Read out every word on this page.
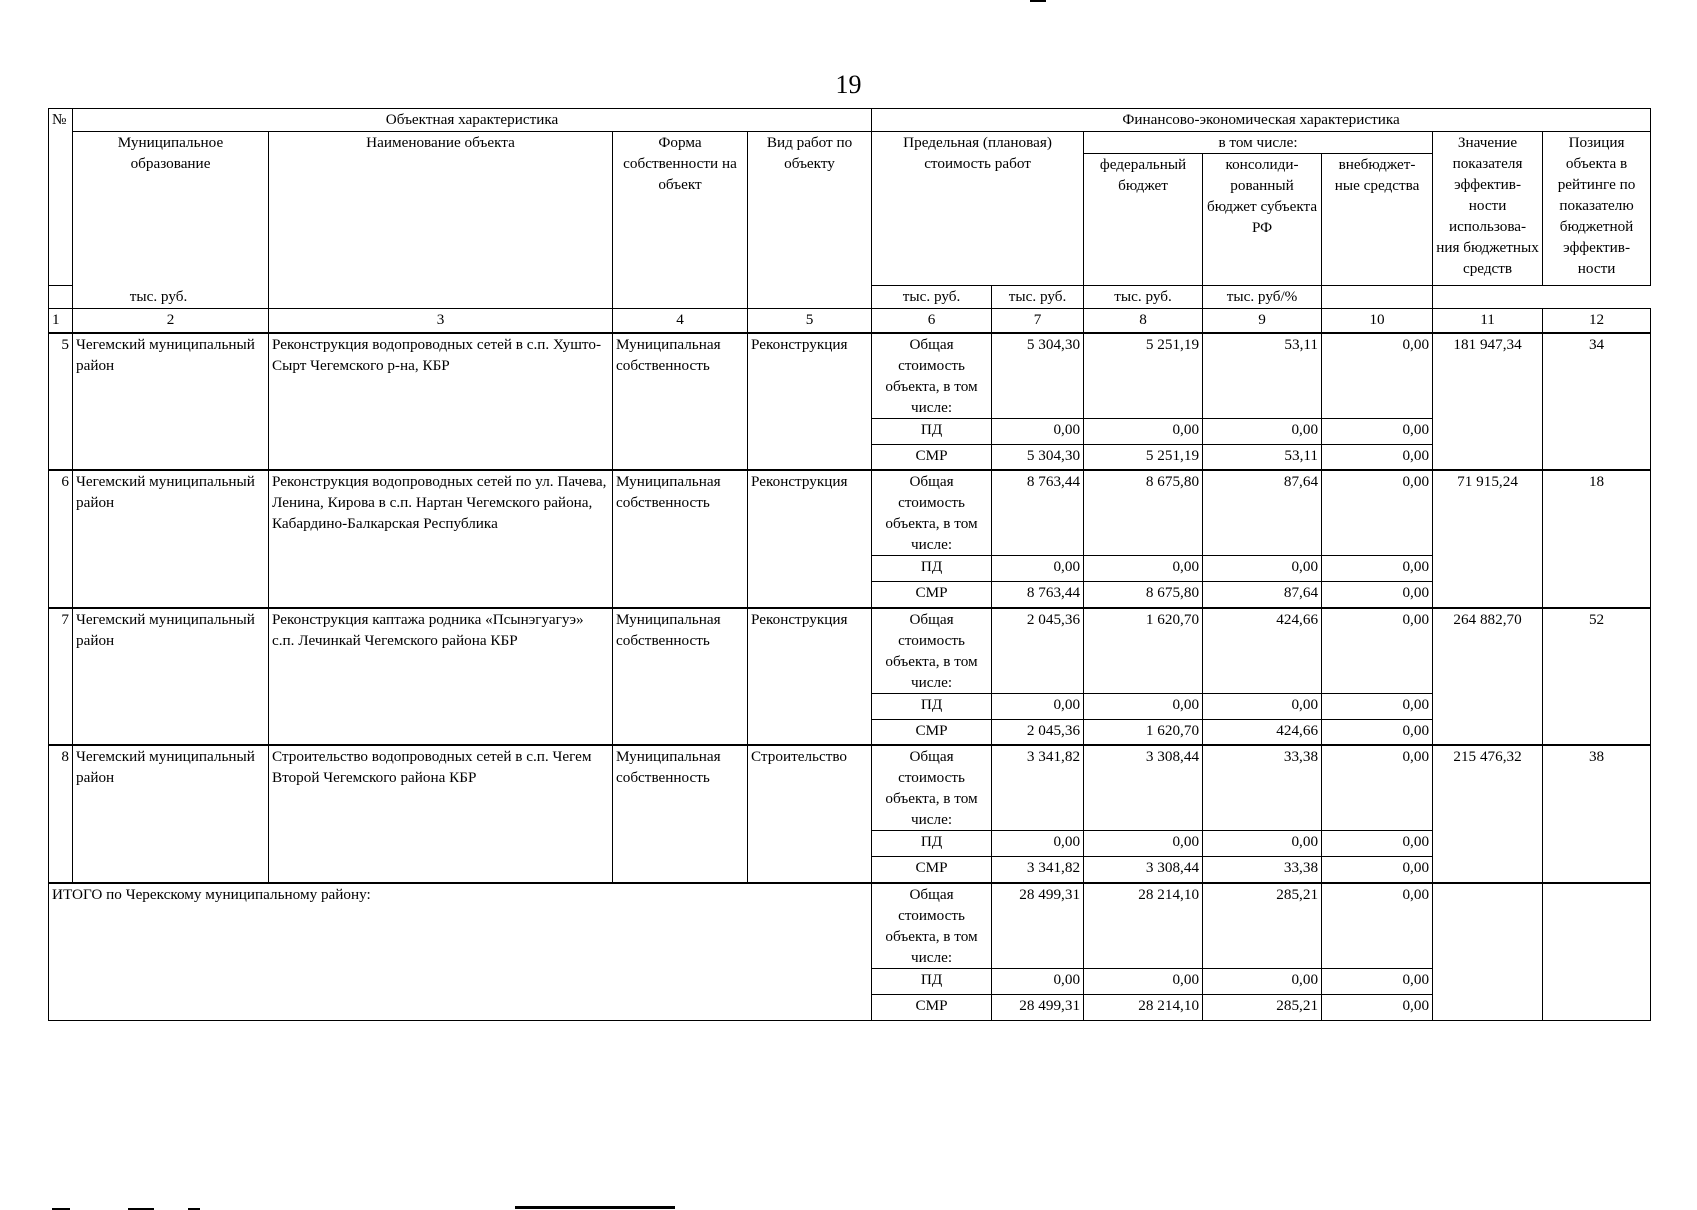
19
№	Объектная характеристика				Финансово-экономическая характеристика						
	Муниципальное образование	Наименование объекта	Форма собственности на объект	Вид работ по объекту	Предельная (плановая) стоимость работ		в том числе:			Значение показателя эффектив- ности использова- ния бюджетных средств	Позиция объекта в рейтинге по показателю бюджетной эффектив- ности
							федеральный бюджет	консолиди- рованный бюджет субъекта РФ	внебюджет- ные средства		
тыс. руб.					тыс. руб.	тыс. руб.	тыс. руб.	тыс. руб/%			
1	2	3	4	5	6	7	8	9	10	11	12
5	Чегемский муниципальный район	Реконструкция водопроводных сетей в с.п. Хушто-Сырт Чегемского р-на, КБР	Муниципальная собственность	Реконструкция	Общая стоимость объекта, в том числе:	5 304,30	5 251,19	53,11	0,00	181 947,34	34
					ПД	0,00	0,00	0,00	0,00		
					СМР	5 304,30	5 251,19	53,11	0,00		
6	Чегемский муниципальный район	Реконструкция водопроводных сетей по ул. Пачева, Ленина, Кирова в с.п. Нартан Чегемского района, Кабардино-Балкарская Республика	Муниципальная собственность	Реконструкция	Общая стоимость объекта, в том числе:	8 763,44	8 675,80	87,64	0,00	71 915,24	18
					ПД	0,00	0,00	0,00	0,00		
					СМР	8 763,44	8 675,80	87,64	0,00		
7	Чегемский муниципальный район	Реконструкция каптажа родника «Псынэгуагуэ» с.п. Лечинкай Чегемского района КБР	Муниципальная собственность	Реконструкция	Общая стоимость объекта, в том числе:	2 045,36	1 620,70	424,66	0,00	264 882,70	52
					ПД	0,00	0,00	0,00	0,00		
					СМР	2 045,36	1 620,70	424,66	0,00		
8	Чегемский муниципальный район	Строительство водопроводных сетей в с.п. Чегем Второй Чегемского района КБР	Муниципальная собственность	Строительство	Общая стоимость объекта, в том числе:	3 341,82	3 308,44	33,38	0,00	215 476,32	38
					ПД	0,00	0,00	0,00	0,00		
					СМР	3 341,82	3 308,44	33,38	0,00		
ИТОГО по Черекскому муниципальному району:					Общая стоимость объекта, в том числе:	28 499,31	28 214,10	285,21	0,00		
					ПД	0,00	0,00	0,00	0,00		
					СМР	28 499,31	28 214,10	285,21	0,00		
